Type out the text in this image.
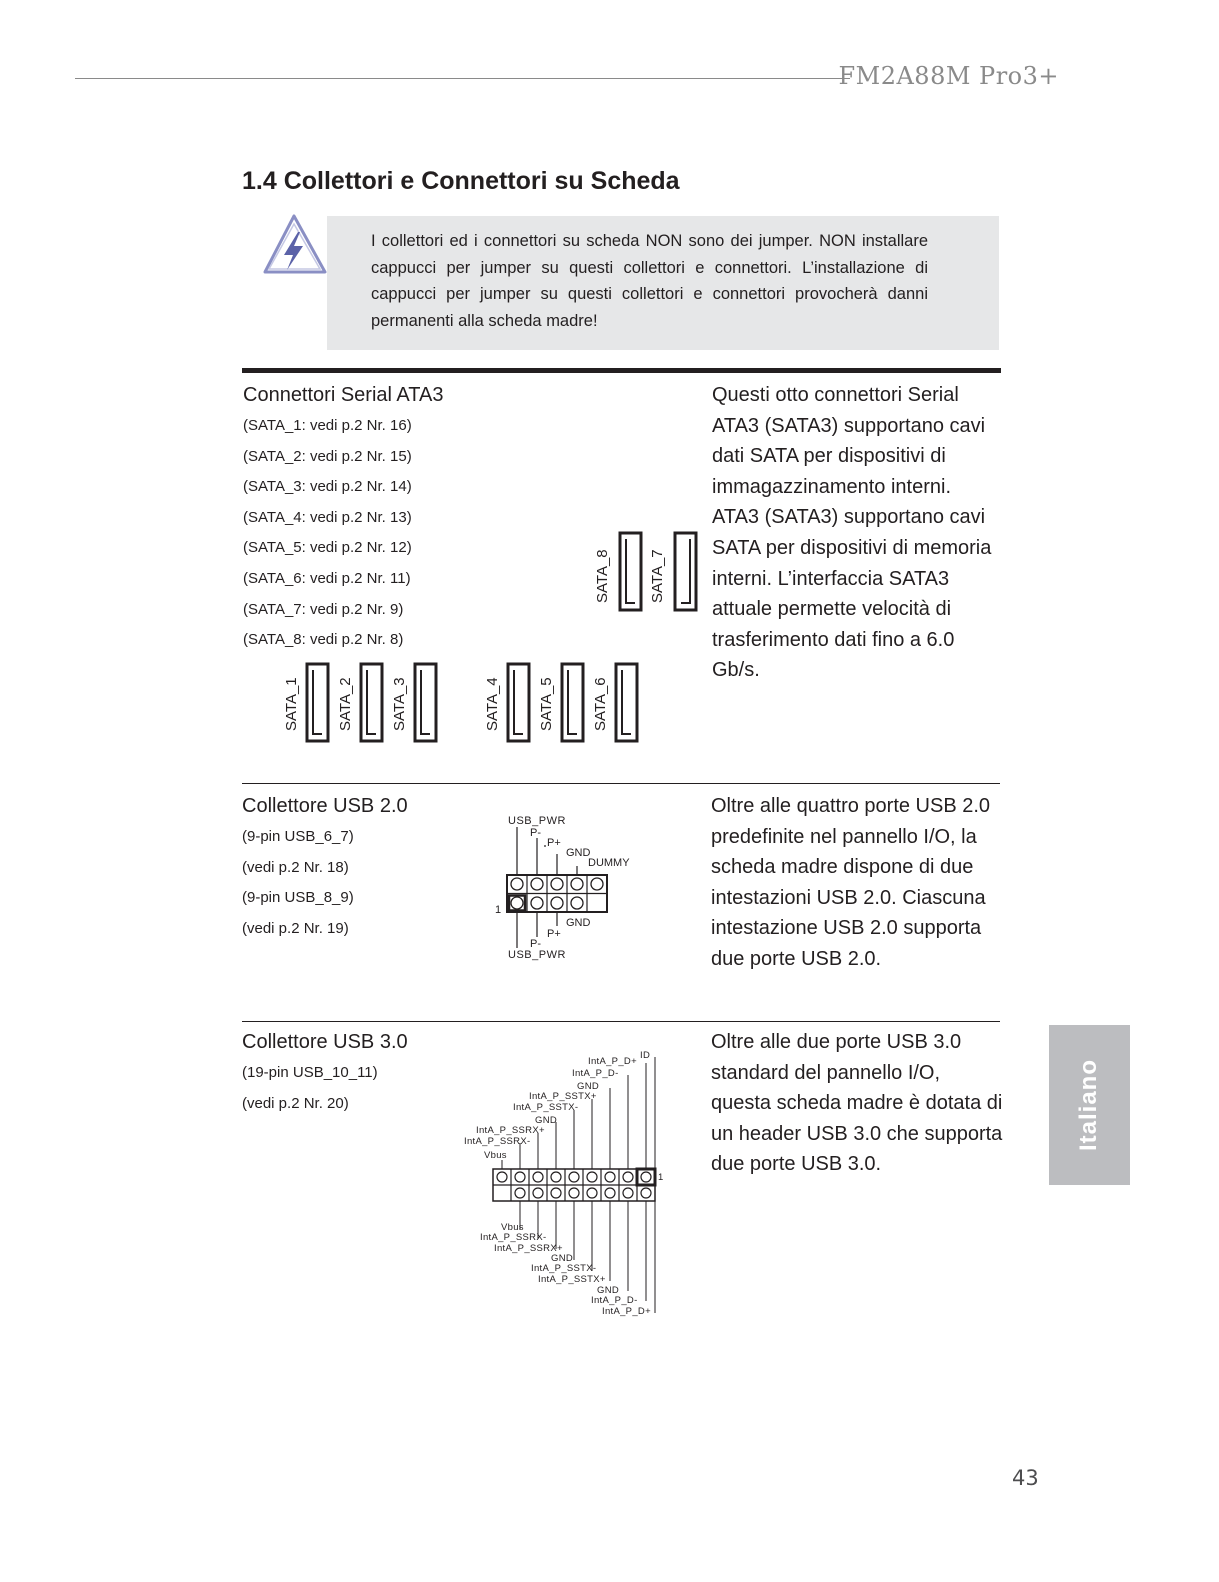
FM2A88M Pro3+
1.4 Collettori e Connettori su Scheda
I collettori ed i connettori su scheda NON sono dei jumper. NON installare cappucci per jumper su questi collettori e connettori. L’installazione di cappucci per jumper su questi collettori e connettori provocherà danni permanenti alla scheda madre!
Connettori Serial ATA3
(SATA_1: vedi p.2 Nr. 16)
(SATA_2: vedi p.2 Nr. 15)
(SATA_3: vedi p.2 Nr. 14)
(SATA_4: vedi p.2 Nr. 13)
(SATA_5: vedi p.2 Nr. 12)
(SATA_6: vedi p.2 Nr. 11)
(SATA_7: vedi p.2 Nr. 9)
(SATA_8: vedi p.2 Nr. 8)
Questi otto connettori Serial ATA3 (SATA3) supportano cavi dati SATA per dispositivi di immagazzinamento interni. ATA3 (SATA3) supportano cavi SATA per dispositivi di memoria interni. L’interfaccia SATA3 attuale permette velocità di trasferimento dati fino a 6.0 Gb/s.
SATA_1 SATA_2 SATA_3	SATA_4 SATA_5 SATA_6
SATA_7
SATA_8
Collettore USB 2.0
(9-pin USB_6_7)
(vedi p.2 Nr. 18)
(9-pin USB_8_9)
(vedi p.2 Nr. 19)
Oltre alle quattro porte USB 2.0 predefinite nel pannello I/O, la scheda madre dispone di due intestazioni USB 2.0. Ciascuna intestazione USB 2.0 supporta due porte USB 2.0.
USB_PWR
P-
P+
GND
DUMMY
1
GND
P+
P-
USB_PWR
Collettore USB 3.0
(19-pin USB_10_11)
(vedi p.2 Nr. 20)
Oltre alle due porte USB 3.0 standard del pannello I/O, questa scheda madre è dotata di un header USB 3.0 che supporta due porte USB 3.0.
ID
IntA_P_D+
IntA_P_D-
GND
IntA_P_SSTX+
IntA_P_SSTX-
GND
IntA_P_SSRX+
IntA_P_SSRX-
Vbus
1
Vbus
IntA_P_SSRX-
IntA_P_SSRX+
GND
IntA_P_SSTX-
IntA_P_SSTX+
GND
IntA_P_D-
IntA_P_D+
Italiano
43
